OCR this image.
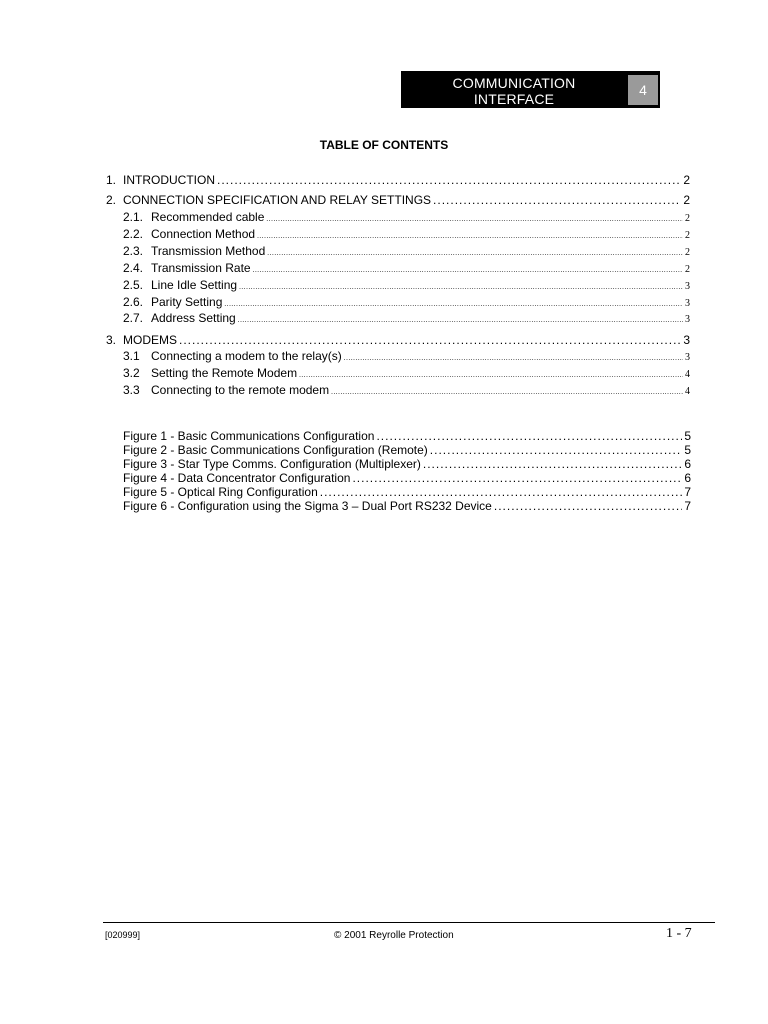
COMMUNICATION
INTERFACE
4
TABLE OF CONTENTS
1. INTRODUCTION .....	2
2. CONNECTION SPECIFICATION AND RELAY SETTINGS .....	2
2.1. Recommended cable .....	2
2.2. Connection Method .....	2
2.3. Transmission Method .....	2
2.4. Transmission Rate .....	2
2.5. Line Idle Setting .....	3
2.6. Parity Setting .....	3
2.7. Address Setting .....	3
3. MODEMS .....	3
3.1 Connecting a modem to the relay(s) .....	3
3.2 Setting the Remote Modem .....	4
3.3 Connecting to the remote modem .....	4
Figure 1 - Basic Communications Configuration .....	5
Figure 2 - Basic Communications Configuration (Remote) .....	5
Figure 3 - Star Type Comms. Configuration (Multiplexer) .....	6
Figure 4 - Data Concentrator Configuration .....	6
Figure 5 - Optical Ring Configuration .....	7
Figure 6 - Configuration using the Sigma 3 – Dual Port RS232 Device .....	7
[020999]	© 2001 Reyrolle Protection	1 - 7
